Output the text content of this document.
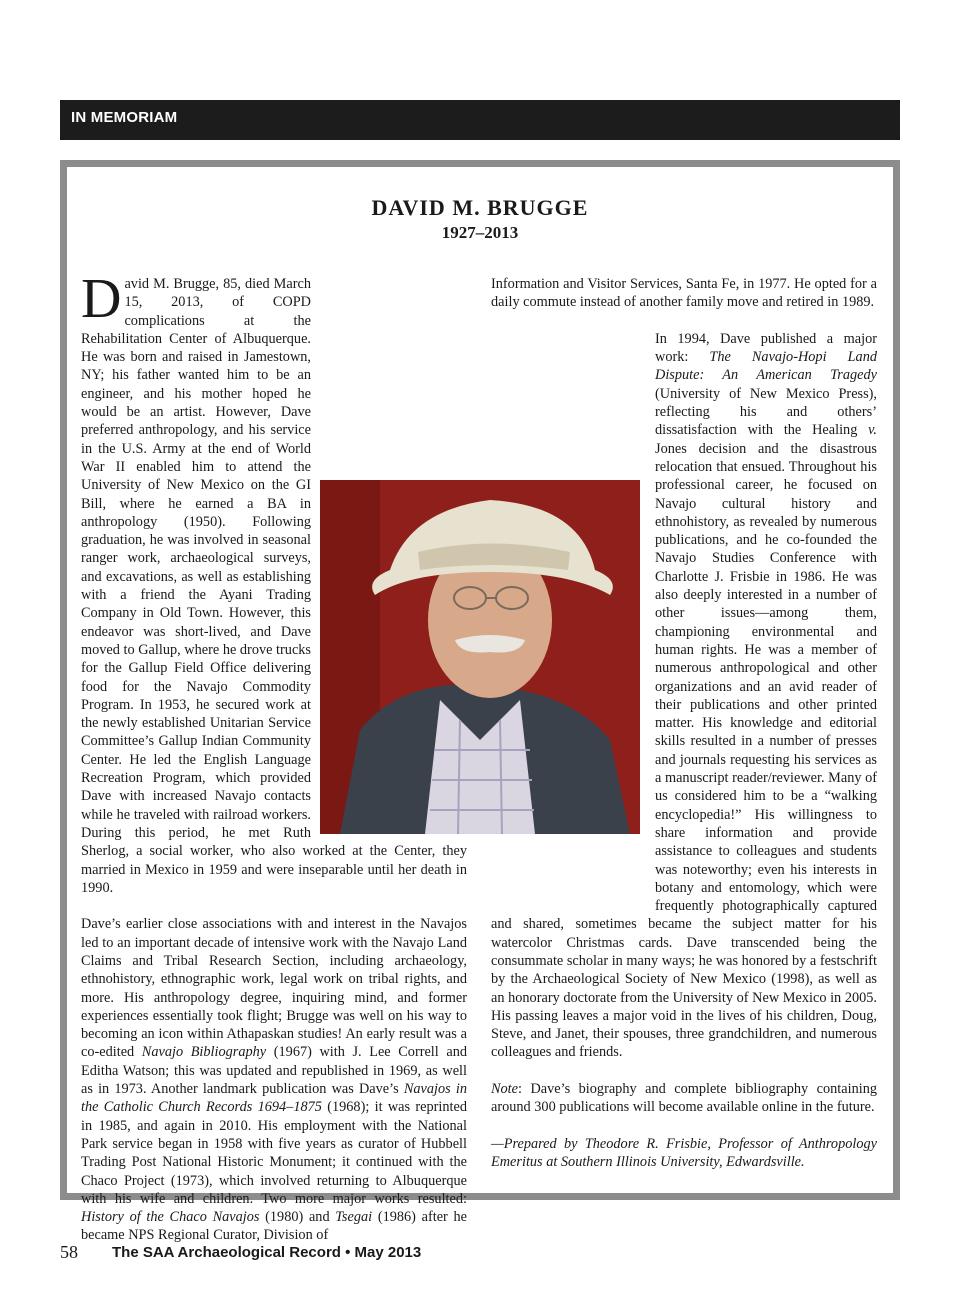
IN MEMORIAM
DAVID M. BRUGGE
1927–2013

D avid M. Brugge, 85, died March 15, 2013, of COPD complications at the Rehabilitation Center of Albuquerque. He was born and raised in Jamestown, NY; his father wanted him to be an engineer, and his mother hoped he would be an artist. However, Dave preferred anthropology, and his service in the U.S. Army at the end of World War II enabled him to attend the University of New Mexico on the GI Bill, where he earned a BA in anthropology (1950). Following graduation, he was involved in seasonal ranger work, archaeological surveys, and excavations, as well as establishing with a friend the Ayani Trading Company in Old Town. However, this endeavor was short-lived, and Dave moved to Gallup, where he drove trucks for the Gallup Field Office delivering food for the Navajo Commodity Program. In 1953, he secured work at the newly established Unitarian Service Committee’s Gallup Indian Community Center. He led the English Language Recreation Program, which provided Dave with increased Navajo contacts while he traveled with railroad workers. During this period, he met Ruth Sherlog, a social worker, who also worked at the Center, they married in Mexico in 1959 and were inseparable until her death in 1990.

Dave’s earlier close associations with and interest in the Navajos led to an important decade of intensive work with the Navajo Land Claims and Tribal Research Section, including archaeology, ethnohistory, ethnographic work, legal work on tribal rights, and more. His anthropology degree, inquiring mind, and former experiences essentially took flight; Brugge was well on his way to becoming an icon within Athapaskan studies! An early result was a co-edited Navajo Bibliography (1967) with J. Lee Correll and Editha Watson; this was updated and republished in 1969, as well as in 1973. Another landmark publication was Dave’s Navajos in the Catholic Church Records 1694–1875 (1968); it was reprinted in 1985, and again in 2010. His employment with the National Park service began in 1958 with five years as curator of Hubbell Trading Post National Historic Monument; it continued with the Chaco Project (1973), which involved returning to Albuquerque with his wife and children. Two more major works resulted: History of the Chaco Navajos (1980) and Tsegai (1986) after he became NPS Regional Curator, Division of

Information and Visitor Services, Santa Fe, in 1977. He opted for a daily commute instead of another family move and retired in 1989.

In 1994, Dave published a major work: The Navajo-Hopi Land Dispute: An American Tragedy (University of New Mexico Press), reflecting his and others’ dissatisfaction with the Healing v. Jones decision and the disastrous relocation that ensued. Throughout his professional career, he focused on Navajo cultural history and ethnohistory, as revealed by numerous publications, and he co-founded the Navajo Studies Conference with Charlotte J. Frisbie in 1986. He was also deeply interested in a number of other issues—among them, championing environmental and human rights. He was a member of numerous anthropological and other organizations and an avid reader of their publications and other printed matter. His knowledge and editorial skills resulted in a number of presses and journals requesting his services as a manuscript reader/reviewer. Many of us considered him to be a “walking encyclopedia!” His willingness to share information and provide assistance to colleagues and students was noteworthy; even his interests in botany and entomology, which were frequently photographically captured and shared, sometimes became the subject matter for his watercolor Christmas cards. Dave transcended being the consummate scholar in many ways; he was honored by a festschrift by the Archaeological Society of New Mexico (1998), as well as an honorary doctorate from the University of New Mexico in 2005. His passing leaves a major void in the lives of his children, Doug, Steve, and Janet, their spouses, three grandchildren, and numerous colleagues and friends.

Note: Dave’s biography and complete bibliography containing around 300 publications will become available online in the future.

—Prepared by Theodore R. Frisbie, Professor of Anthropology Emeritus at Southern Illinois University, Edwardsville.

58 The SAA Archaeological Record • May 2013
